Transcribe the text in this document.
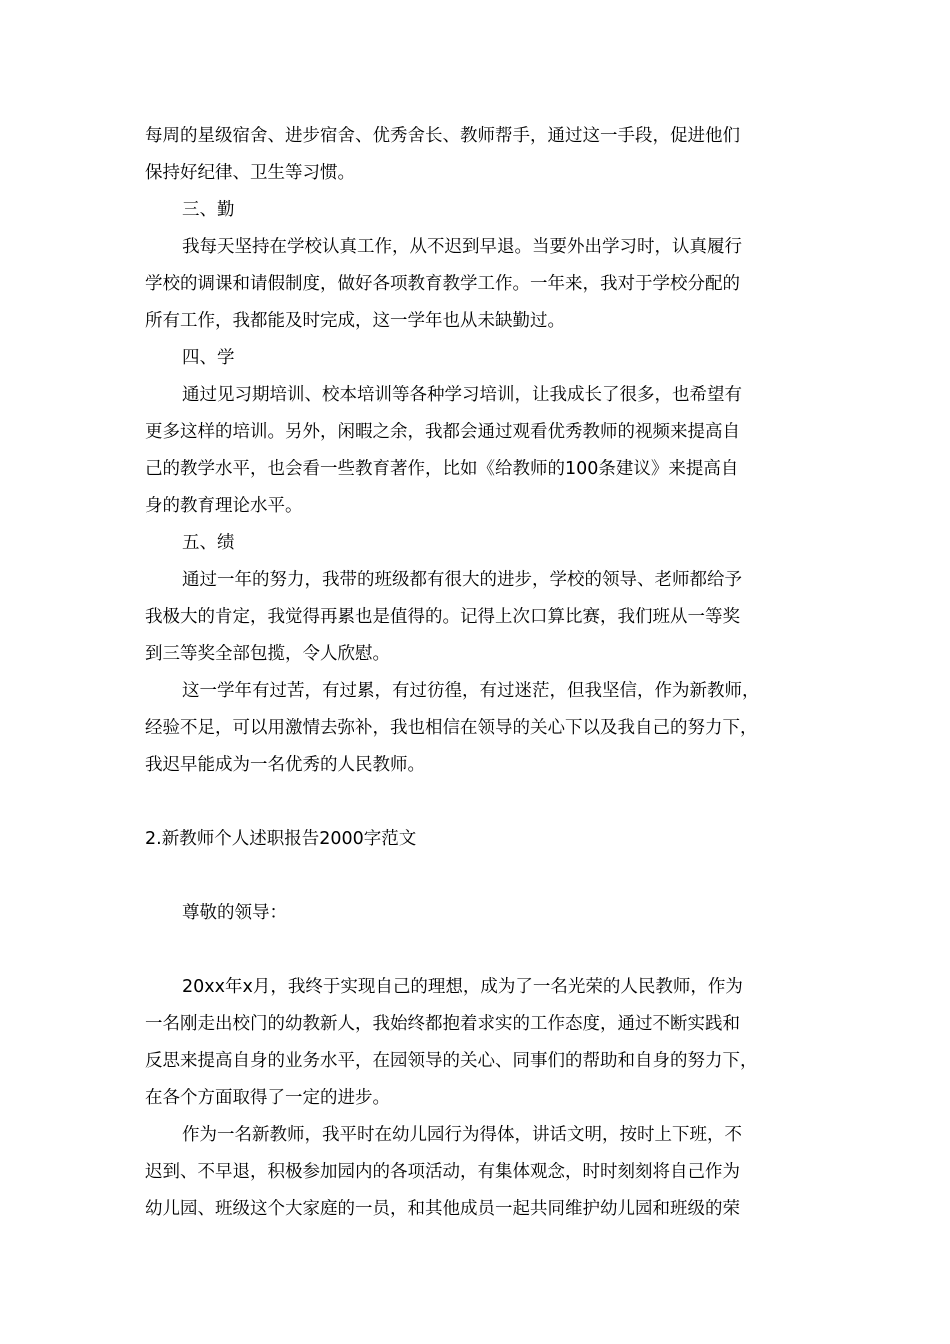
每周的星级宿舍、进步宿舍、优秀舍长、教师帮手，通过这一手段，促进他们
保持好纪律、卫生等习惯。
三、勤
我每天坚持在学校认真工作，从不迟到早退。当要外出学习时，认真履行
学校的调课和请假制度，做好各项教育教学工作。一年来，我对于学校分配的
所有工作，我都能及时完成，这一学年也从未缺勤过。
四、学
通过见习期培训、校本培训等各种学习培训，让我成长了很多，也希望有
更多这样的培训。另外，闲暇之余，我都会通过观看优秀教师的视频来提高自
己的教学水平，也会看一些教育著作，比如《给教师的100条建议》来提高自
身的教育理论水平。
五、绩
通过一年的努力，我带的班级都有很大的进步，学校的领导、老师都给予
我极大的肯定，我觉得再累也是值得的。记得上次口算比赛，我们班从一等奖
到三等奖全部包揽，令人欣慰。
这一学年有过苦，有过累，有过彷徨，有过迷茫，但我坚信，作为新教师，
经验不足，可以用激情去弥补，我也相信在领导的关心下以及我自己的努力下，
我迟早能成为一名优秀的人民教师。
2.新教师个人述职报告2000字范文
尊敬的领导：
20xx年x月，我终于实现自己的理想，成为了一名光荣的人民教师，作为
一名刚走出校门的幼教新人，我始终都抱着求实的工作态度，通过不断实践和
反思来提高自身的业务水平，在园领导的关心、同事们的帮助和自身的努力下，
在各个方面取得了一定的进步。
作为一名新教师，我平时在幼儿园行为得体，讲话文明，按时上下班，不
迟到、不早退，积极参加园内的各项活动，有集体观念，时时刻刻将自己作为
幼儿园、班级这个大家庭的一员，和其他成员一起共同维护幼儿园和班级的荣
